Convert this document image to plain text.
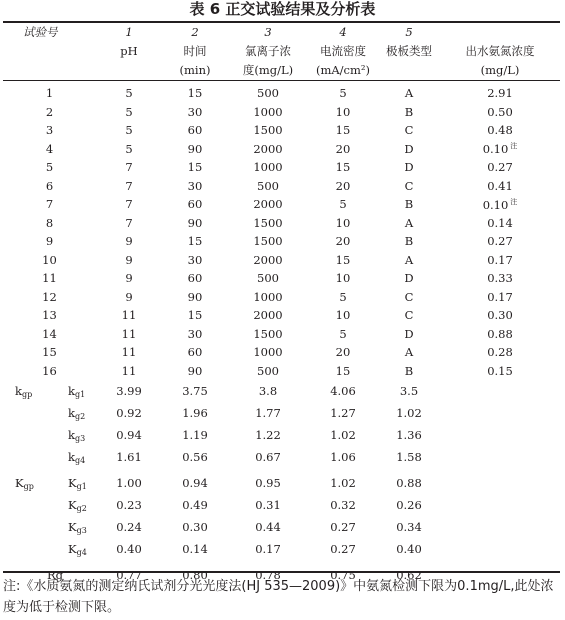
表 6 正交试验结果及分析表
试验号		1	2	3	4	5		
		pH	时间	氯离子浓	电流密度	极板类型	出水氨氮浓度	
			(min)	度(mg/L)	(mA/cm²)		(mg/L)	

1		5	15	500	5	A	2.91	
2		5	30	1000	10	B	0.50	
3		5	60	1500	15	C	0.48	
4		5	90	2000	20	D	0.10 $^注$	
5		7	15	1000	15	D	0.27	
6		7	30	500	20	C	0.41	
7		7	60	2000	5	B	0.10 $^注$	
8		7	90	1500	10	A	0.14	
9		9	15	1500	20	B	0.27	
10		9	30	2000	15	A	0.17	
11		9	60	500	10	D	0.33	
12		9	90	1000	5	C	0.17	
13		11	15	2000	10	C	0.30	
14		11	30	1500	5	D	0.88	
15		11	60	1000	20	A	0.28	
16		11	90	500	15	B	0.15	
$k_{gp}$	$k_{g1}$	3.99	3.75	3.8	4.06	3.5		
	$k_{g2}$	0.92	1.96	1.77	1.27	1.02		
	$k_{g3}$	0.94	1.19	1.22	1.02	1.36		
	$k_{g4}$	1.61	0.56	0.67	1.06	1.58		

$K_{gp}$	$K_{g1}$	1.00	0.94	0.95	1.02	0.88		
	$K_{g2}$	0.23	0.49	0.31	0.32	0.26		
	$K_{g3}$	0.24	0.30	0.44	0.27	0.34		
	$K_{g4}$	0.40	0.14	0.17	0.27	0.40		

Rg		0.77	0.80	0.78	0.75	0.62		
注:《水质氨氮的测定纳氏试剂分光光度法(HJ 535—2009)》中氨氮检测下限为0.1mg/L,此处浓度为低于检测下限。
